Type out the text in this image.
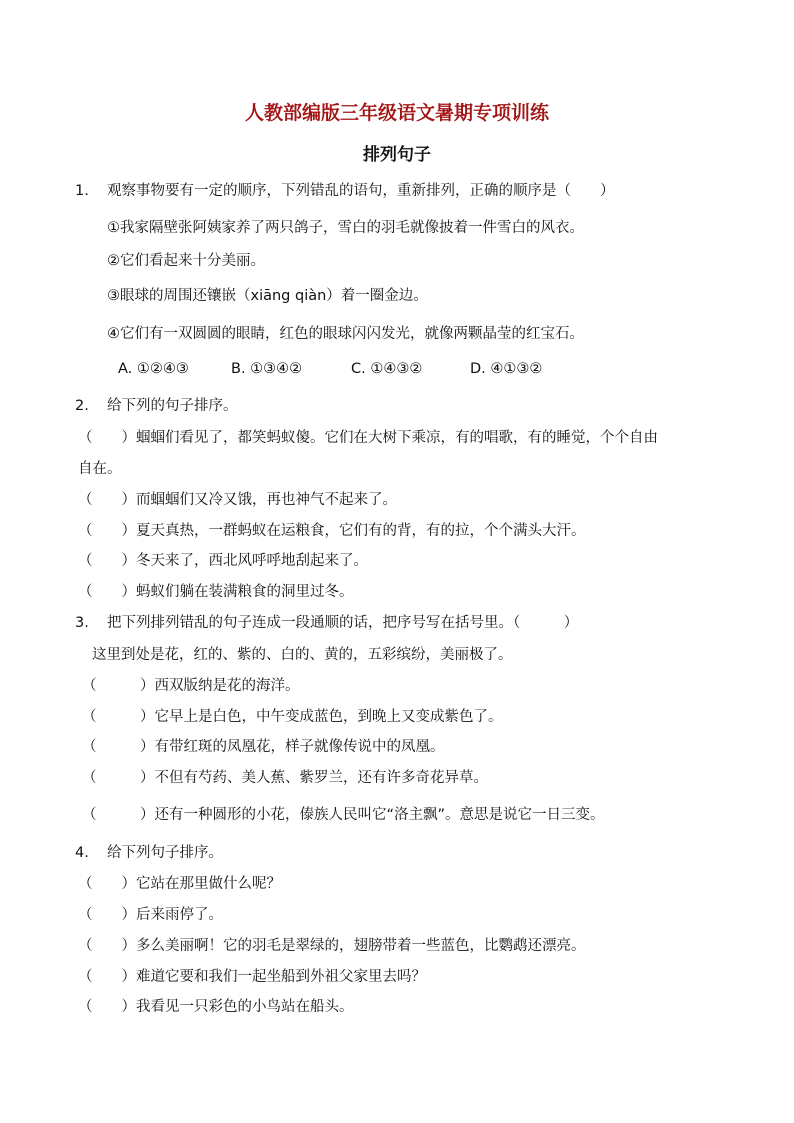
人教部编版三年级语文暑期专项训练
排列句子
1.	观察事物要有一定的顺序，下列错乱的语句，重新排列，正确的顺序是（　　）
①我家隔壁张阿姨家养了两只鸽子，雪白的羽毛就像披着一件雪白的风衣。
②它们看起来十分美丽。
③眼球的周围还镶嵌（xiāng qiàn）着一圈金边。
④它们有一双圆圆的眼睛，红色的眼球闪闪发光，就像两颗晶莹的红宝石。
A. ①②④③	B. ①③④②	C. ①④③②	D. ④①③②
2.	给下列的句子排序。
（　　）蝈蝈们看见了，都笑蚂蚁傻。它们在大树下乘凉，有的唱歌，有的睡觉，个个自由
自在。
（　　）而蝈蝈们又冷又饿，再也神气不起来了。
（　　）夏天真热，一群蚂蚁在运粮食，它们有的背，有的拉，个个满头大汗。
（　　）冬天来了，西北风呼呼地刮起来了。
（　　）蚂蚁们躺在装满粮食的洞里过冬。
3.	把下列排列错乱的句子连成一段通顺的话，把序号写在括号里。（　　　）
这里到处是花，红的、紫的、白的、黄的，五彩缤纷，美丽极了。
（　　　）西双版纳是花的海洋。
（　　　）它早上是白色，中午变成蓝色，到晚上又变成紫色了。
（　　　）有带红斑的凤凰花，样子就像传说中的凤凰。
（　　　）不但有芍药、美人蕉、紫罗兰，还有许多奇花异草。
（　　　）还有一种圆形的小花，傣族人民叫它“洛主飘”。意思是说它一日三变。
4.	给下列句子排序。
（　　）它站在那里做什么呢？
（　　）后来雨停了。
（　　）多么美丽啊！它的羽毛是翠绿的，翅膀带着一些蓝色，比鹦鹉还漂亮。
（　　）难道它要和我们一起坐船到外祖父家里去吗？
（　　）我看见一只彩色的小鸟站在船头。
